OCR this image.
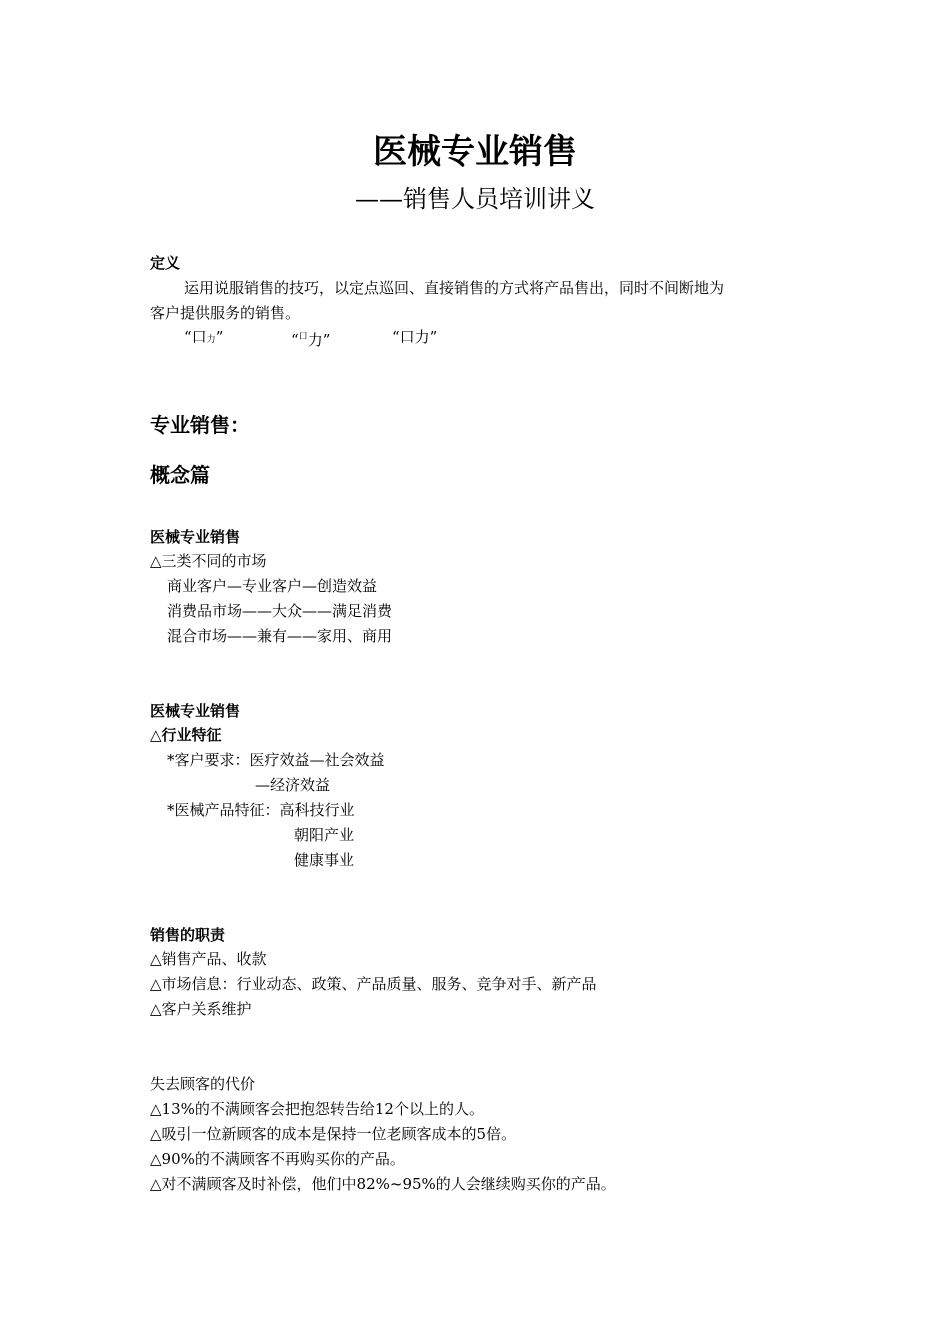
医械专业销售
——销售人员培训讲义
定义
运用说服销售的技巧，以定点巡回、直接销售的方式将产品售出，同时不间断地为
客户提供服务的销售。
“口力”	“$^口$力”	“口力”
专业销售：
概念篇
医械专业销售
△三类不同的市场
商业客户—专业客户—创造效益
消费品市场——大众——满足消费
混合市场——兼有——家用、商用
医械专业销售
△行业特征
*客户要求：医疗效益—社会效益
—经济效益
*医械产品特征：高科技行业
朝阳产业
健康事业
销售的职责
△销售产品、收款
△市场信息：行业动态、政策、产品质量、服务、竞争对手、新产品
△客户关系维护
失去顾客的代价
△13%的不满顾客会把抱怨转告给12个以上的人。
△吸引一位新顾客的成本是保持一位老顾客成本的5倍。
△90%的不满顾客不再购买你的产品。
△对不满顾客及时补偿，他们中82%~95%的人会继续购买你的产品。
